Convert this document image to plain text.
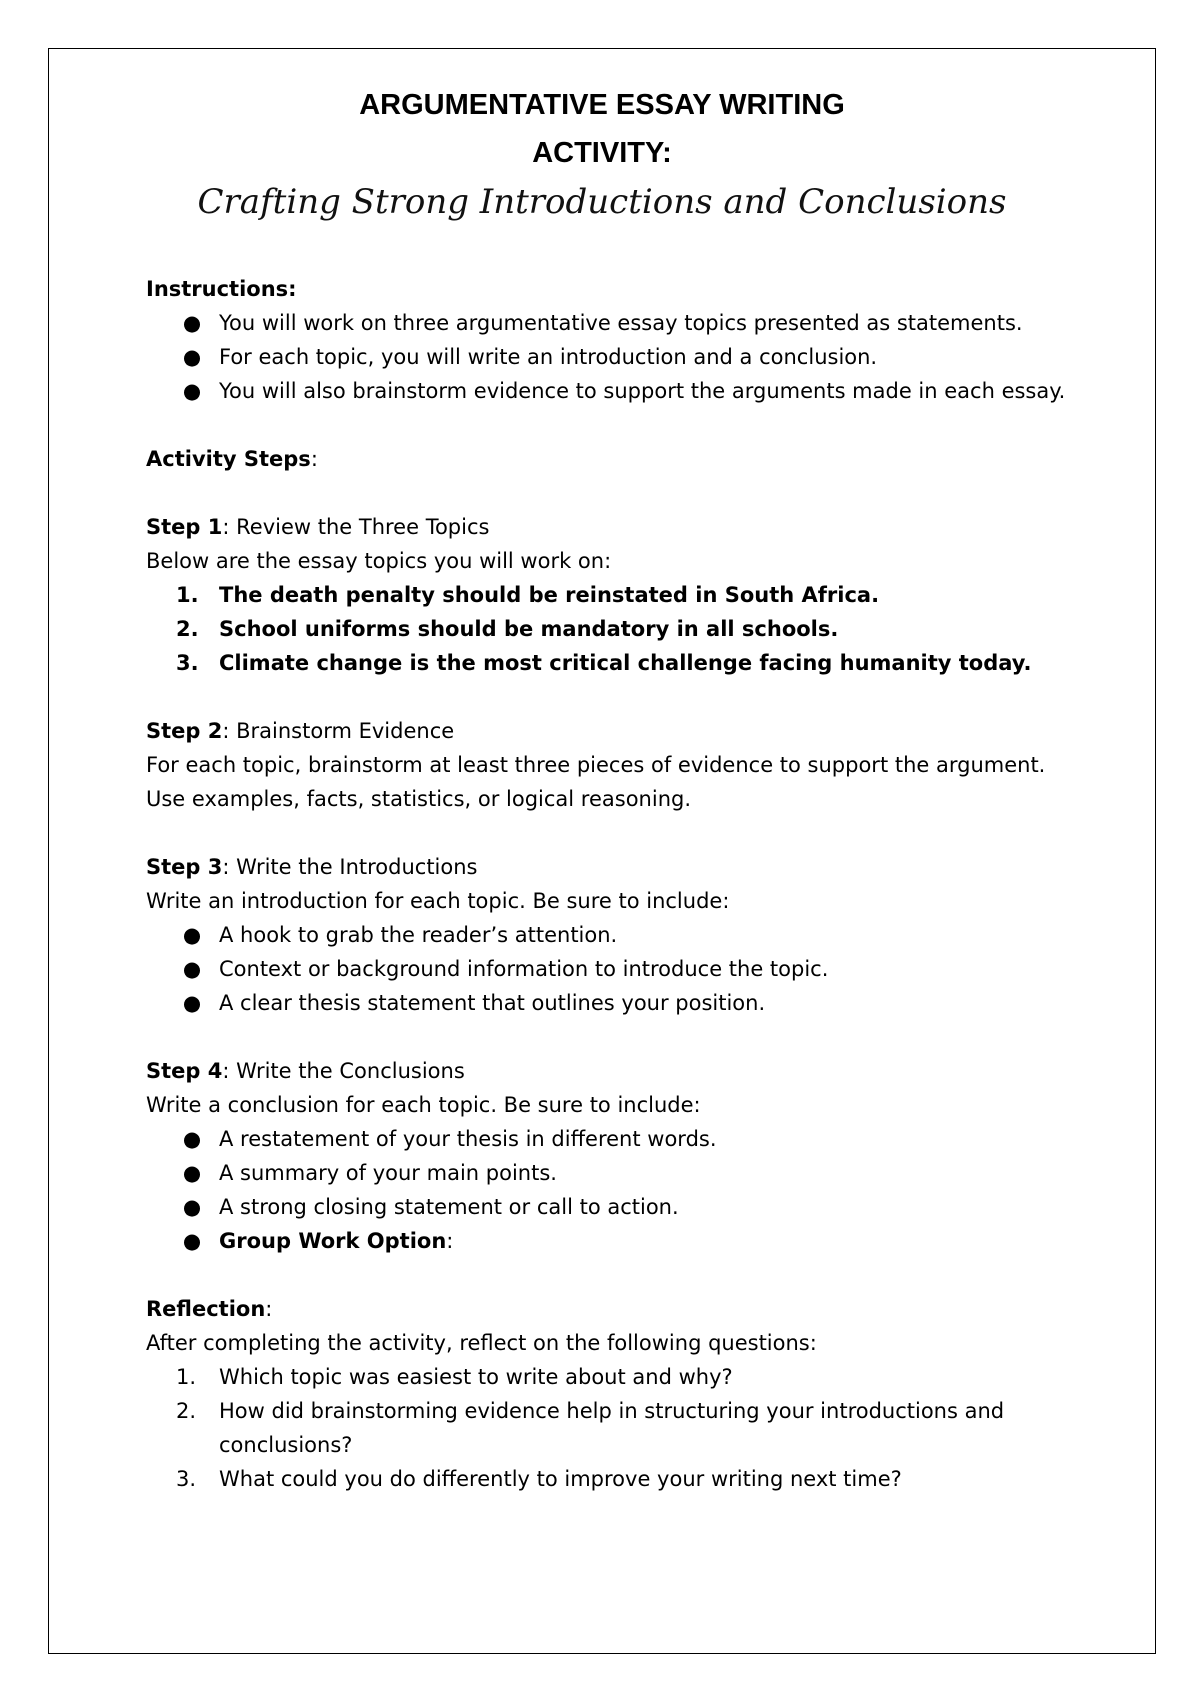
ARGUMENTATIVE ESSAY WRITING
ACTIVITY:

Crafting Strong Introductions and Conclusions

Instructions:

● You will work on three argumentative essay topics presented as statements.
● For each topic, you will write an introduction and a conclusion.
● You will also brainstorm evidence to support the arguments made in each essay.

Activity Steps:

Step 1: Review the Three Topics

Below are the essay topics you will work on:

1. The death penalty should be reinstated in South Africa.
2. School uniforms should be mandatory in all schools.
3. Climate change is the most critical challenge facing humanity today.

Step 2: Brainstorm Evidence

For each topic, brainstorm at least three pieces of evidence to support the argument.

Use examples, facts, statistics, or logical reasoning.

Step 3: Write the Introductions

Write an introduction for each topic. Be sure to include:

● A hook to grab the reader’s attention.
● Context or background information to introduce the topic.
● A clear thesis statement that outlines your position.

Step 4: Write the Conclusions

Write a conclusion for each topic. Be sure to include:

● A restatement of your thesis in different words.
● A summary of your main points.
● A strong closing statement or call to action.
● Group Work Option:

Reflection:

After completing the activity, reflect on the following questions:

1.	Which topic was easiest to write about and why?
2.	How did brainstorming evidence help in structuring your introductions and conclusions?
3.	What could you do differently to improve your writing next time?
